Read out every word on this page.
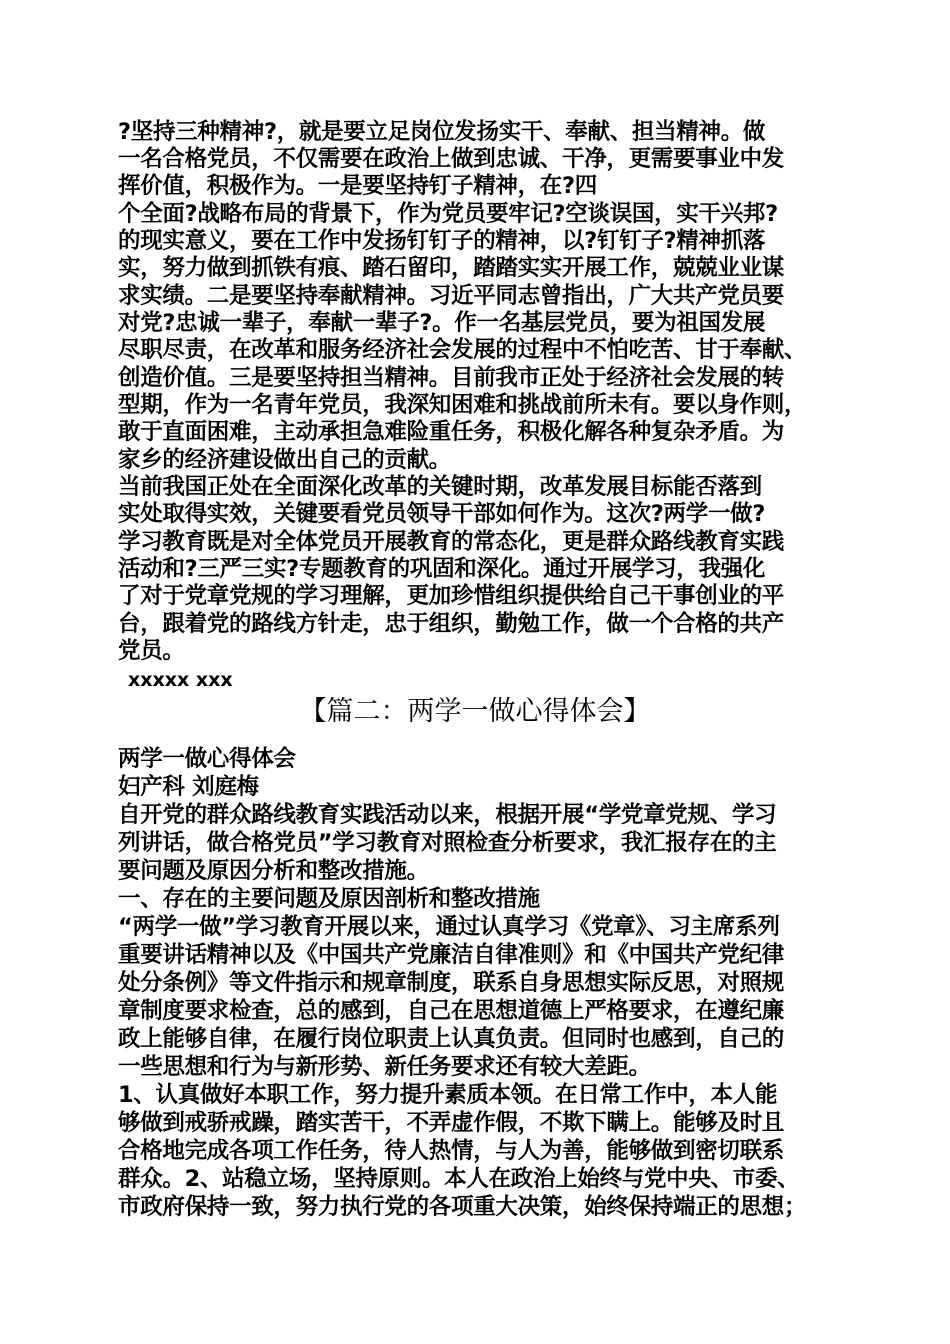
?坚持三种精神?，就是要立足岗位发扬实干、奉献、担当精神。做
一名合格党员，不仅需要在政治上做到忠诚、干净，更需要事业中发
挥价值，积极作为。一是要坚持钉子精神，在?四
个全面?战略布局的背景下，作为党员要牢记?空谈误国，实干兴邦?
的现实意义，要在工作中发扬钉钉子的精神，以?钉钉子?精神抓落
实，努力做到抓铁有痕、踏石留印，踏踏实实开展工作，兢兢业业谋
求实绩。二是要坚持奉献精神。习近平同志曾指出，广大共产党员要
对党?忠诚一辈子，奉献一辈子?。作一名基层党员，要为祖国发展
尽职尽责，在改革和服务经济社会发展的过程中不怕吃苦、甘于奉献、
创造价值。三是要坚持担当精神。目前我市正处于经济社会发展的转
型期，作为一名青年党员，我深知困难和挑战前所未有。要以身作则，
敢于直面困难，主动承担急难险重任务，积极化解各种复杂矛盾。为
家乡的经济建设做出自己的贡献。
当前我国正处在全面深化改革的关键时期，改革发展目标能否落到
实处取得实效，关键要看党员领导干部如何作为。这次?两学一做?
学习教育既是对全体党员开展教育的常态化，更是群众路线教育实践
活动和?三严三实?专题教育的巩固和深化。通过开展学习，我强化
了对于党章党规的学习理解，更加珍惜组织提供给自己干事创业的平
台，跟着党的路线方针走，忠于组织，勤勉工作，做一个合格的共产
党员。
xxxxx xxx
【篇二：两学一做心得体会】
两学一做心得体会
妇产科 刘庭梅
自开党的群众路线教育实践活动以来，根据开展“学党章党规、学习
列讲话，做合格党员”学习教育对照检查分析要求，我汇报存在的主
要问题及原因分析和整改措施。
一、存在的主要问题及原因剖析和整改措施
“两学一做”学习教育开展以来，通过认真学习《党章》、习主席系列
重要讲话精神以及《中国共产党廉洁自律准则》和《中国共产党纪律
处分条例》等文件指示和规章制度，联系自身思想实际反思，对照规
章制度要求检查，总的感到，自己在思想道德上严格要求，在遵纪廉
政上能够自律，在履行岗位职责上认真负责。但同时也感到，自己的
一些思想和行为与新形势、新任务要求还有较大差距。
1、认真做好本职工作，努力提升素质本领。在日常工作中，本人能
够做到戒骄戒躁，踏实苦干，不弄虚作假，不欺下瞒上。能够及时且
合格地完成各项工作任务，待人热情，与人为善，能够做到密切联系
群众。2、站稳立场，坚持原则。本人在政治上始终与党中央、市委、
市政府保持一致，努力执行党的各项重大决策，始终保持端正的思想；
